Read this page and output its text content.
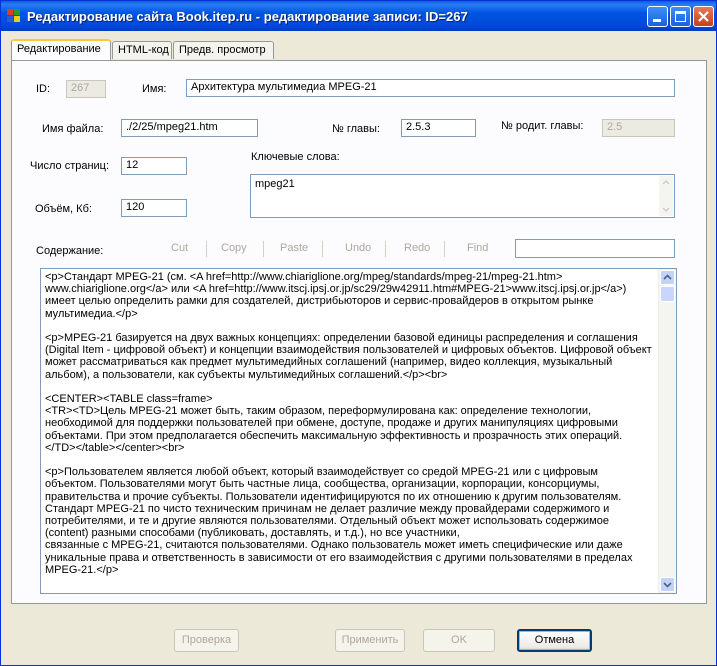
Редактирование сайта Book.itep.ru - редактирование записи: ID=267
Редактирование	HTML-код Предв. просмотр
ID:	267	Имя:	Архитектура мультимедиа MPEG-21
Имя файла:	./2/25/mpeg21.htm	№ главы:	2.5.3	№ родит. главы:	2.5
Число страниц:	12
Ключевые слова:
mpeg21
Объём, Кб:	120
Содержание:	Cut	Copy	Paste	Undo	Redo	Find
<p>Стандарт MPEG-21 (см. <A href=http://www.chiariglione.org/mpeg/standards/mpeg-21/mpeg-21.htm>
www.chiariglione.org</a> или <A href=http://www.itscj.ipsj.or.jp/sc29/29w42911.htm#MPEG-21>www.itscj.ipsj.or.jp</a>)
имеет целью определить рамки для создателей, дистрибьюторов и сервис-провайдеров в открытом рынке
мультимедиа.</p>

<p>MPEG-21 базируется на двух важных концепциях: определении базовой единицы распределения и соглашения
(Digital Item - цифровой объект) и концепции взаимодействия пользователей и цифровых объектов. Цифровой объект
может рассматриваться как предмет мультимедийных соглашений (например, видео коллекция, музыкальный
альбом), а пользователи, как субъекты мультимедийных соглашений.</p><br>

<CENTER><TABLE class=frame>
<TR><TD>Цель MPEG-21 может быть, таким образом, переформулирована как: определение технологии,
необходимой для поддержки пользователей при обмене, доступе, продаже и других манипуляциях цифровыми
объектами. При этом предполагается обеспечить максимальную эффективность и прозрачность этих операций.
</TD></table></center><br>

<p>Пользователем является любой объект, который взаимодействует со средой MPEG-21 или с цифровым
объектом. Пользователями могут быть частные лица, сообщества, организации, корпорации, консорциумы,
правительства и прочие субъекты. Пользователи идентифицируются по их отношению к другим пользователям.
Стандарт MPEG-21 по чисто техническим причинам не делает различие между провайдерами содержимого и
потребителями, и те и другие являются пользователями. Отдельный объект может использовать содержимое
(content) разными способами (публиковать, доставлять, и т.д.), но все участники,
связанные с MPEG-21, считаются пользователями. Однако пользователь может иметь специфические или даже
уникальные права и ответственность в зависимости от его взаимодействия с другими пользователями в пределах
MPEG-21.</p>
Проверка	Применить	OK	Отмена
